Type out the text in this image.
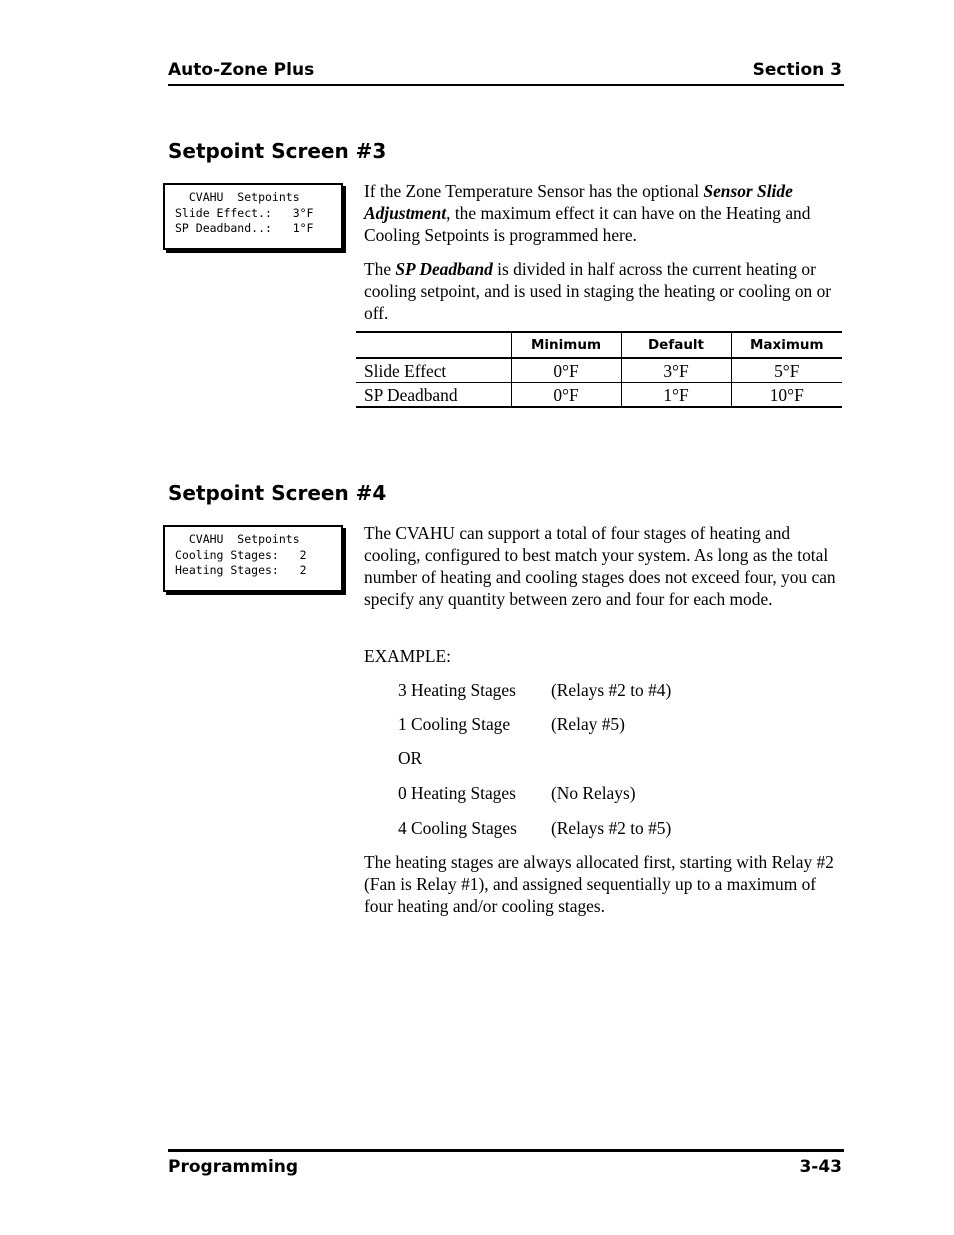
Auto-Zone Plus	Section 3
Setpoint Screen #3
CVAHU  Setpoints
Slide Effect.:   3°F
SP Deadband..:   1°F

If the Zone Temperature Sensor has the optional Sensor Slide Adjustment, the maximum effect it can have on the Heating and Cooling Setpoints is programmed here.

The SP Deadband is divided in half across the current heating or cooling setpoint, and is used in staging the heating or cooling on or off.

	Minimum	Default	Maximum
Slide Effect	0°F	3°F	5°F
SP Deadband	0°F	1°F	10°F
Setpoint Screen #4
CVAHU  Setpoints
Cooling Stages:   2
Heating Stages:   2

The CVAHU can support a total of four stages of heating and cooling, configured to best match your system. As long as the total number of heating and cooling stages does not exceed four, you can specify any quantity between zero and four for each mode.

EXAMPLE:
3 Heating Stages (Relays #2 to #4)
1 Cooling Stage (Relay #5)
OR
0 Heating Stages (No Relays)
4 Cooling Stages (Relays #2 to #5)

The heating stages are always allocated first, starting with Relay #2 (Fan is Relay #1), and assigned sequentially up to a maximum of four heating and/or cooling stages.

Programming	3-43
